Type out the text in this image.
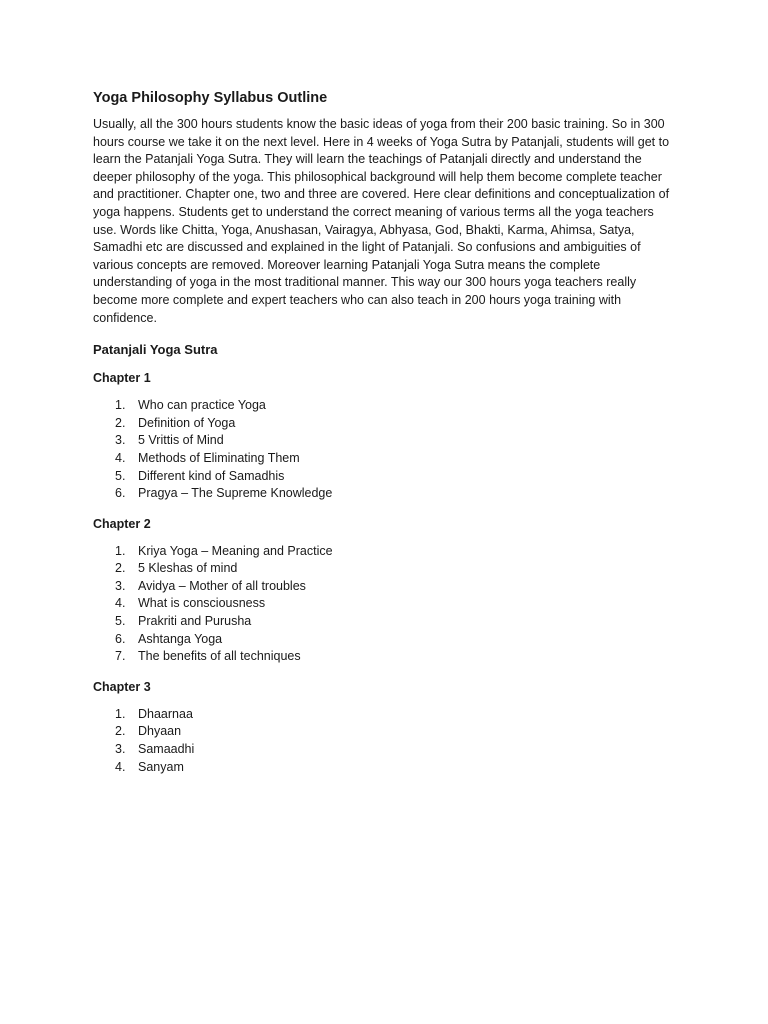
Yoga Philosophy Syllabus Outline

Usually, all the 300 hours students know the basic ideas of yoga from their 200 basic training. So in 300 hours course we take it on the next level. Here in 4 weeks of Yoga Sutra by Patanjali, students will get to learn the Patanjali Yoga Sutra. They will learn the teachings of Patanjali directly and understand the deeper philosophy of the yoga. This philosophical background will help them become complete teacher and practitioner. Chapter one, two and three are covered. Here clear definitions and conceptualization of yoga happens. Students get to understand the correct meaning of various terms all the yoga teachers use. Words like Chitta, Yoga, Anushasan, Vairagya, Abhyasa, God, Bhakti, Karma, Ahimsa, Satya, Samadhi etc are discussed and explained in the light of Patanjali. So confusions and ambiguities of various concepts are removed. Moreover learning Patanjali Yoga Sutra means the complete understanding of yoga in the most traditional manner. This way our 300 hours yoga teachers really become more complete and expert teachers who can also teach in 200 hours yoga training with confidence.

Patanjali Yoga Sutra
Chapter 1
1.	Who can practice Yoga
2.	Definition of Yoga
3.	5 Vrittis of Mind
4.	Methods of Eliminating Them
5.	Different kind of Samadhis
6.	Pragya – The Supreme Knowledge
Chapter 2
1.	Kriya Yoga – Meaning and Practice
2.	5 Kleshas of mind
3.	Avidya – Mother of all troubles
4.	What is consciousness
5.	Prakriti and Purusha
6.	Ashtanga Yoga
7.	The benefits of all techniques
Chapter 3
1.	Dhaarnaa
2.	Dhyaan
3.	Samaadhi
4.	Sanyam
